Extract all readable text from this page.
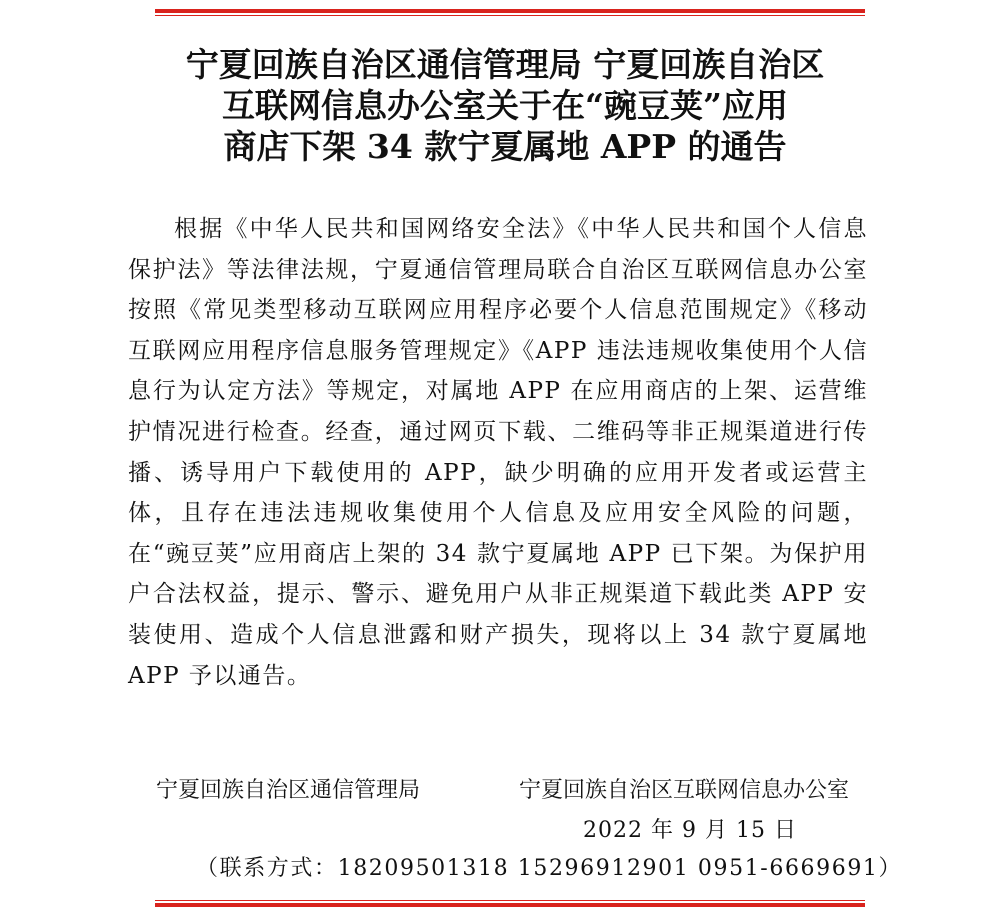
宁夏回族自治区通信管理局 宁夏回族自治区
互联网信息办公室关于在“豌豆荚”应用
商店下架 34 款宁夏属地 APP 的通告

根据《中华人民共和国网络安全法》《中华人民共和国个人信息保护法》等法律法规，宁夏通信管理局联合自治区互联网信息办公室按照《常见类型移动互联网应用程序必要个人信息范围规定》《移动互联网应用程序信息服务管理规定》《APP 违法违规收集使用个人信息行为认定方法》等规定，对属地 APP 在应用商店的上架、运营维护情况进行检查。经查，通过网页下载、二维码等非正规渠道进行传播、诱导用户下载使用的 APP，缺少明确的应用开发者或运营主体，且存在违法违规收集使用个人信息及应用安全风险的问题，在“豌豆荚”应用商店上架的 34 款宁夏属地 APP 已下架。为保护用户合法权益，提示、警示、避免用户从非正规渠道下载此类 APP 安装使用、造成个人信息泄露和财产损失，现将以上 34 款宁夏属地 APP 予以通告。

宁夏回族自治区通信管理局	宁夏回族自治区互联网信息办公室
2022 年 9 月 15 日
（联系方式：18209501318 15296912901 0951-6669691）
